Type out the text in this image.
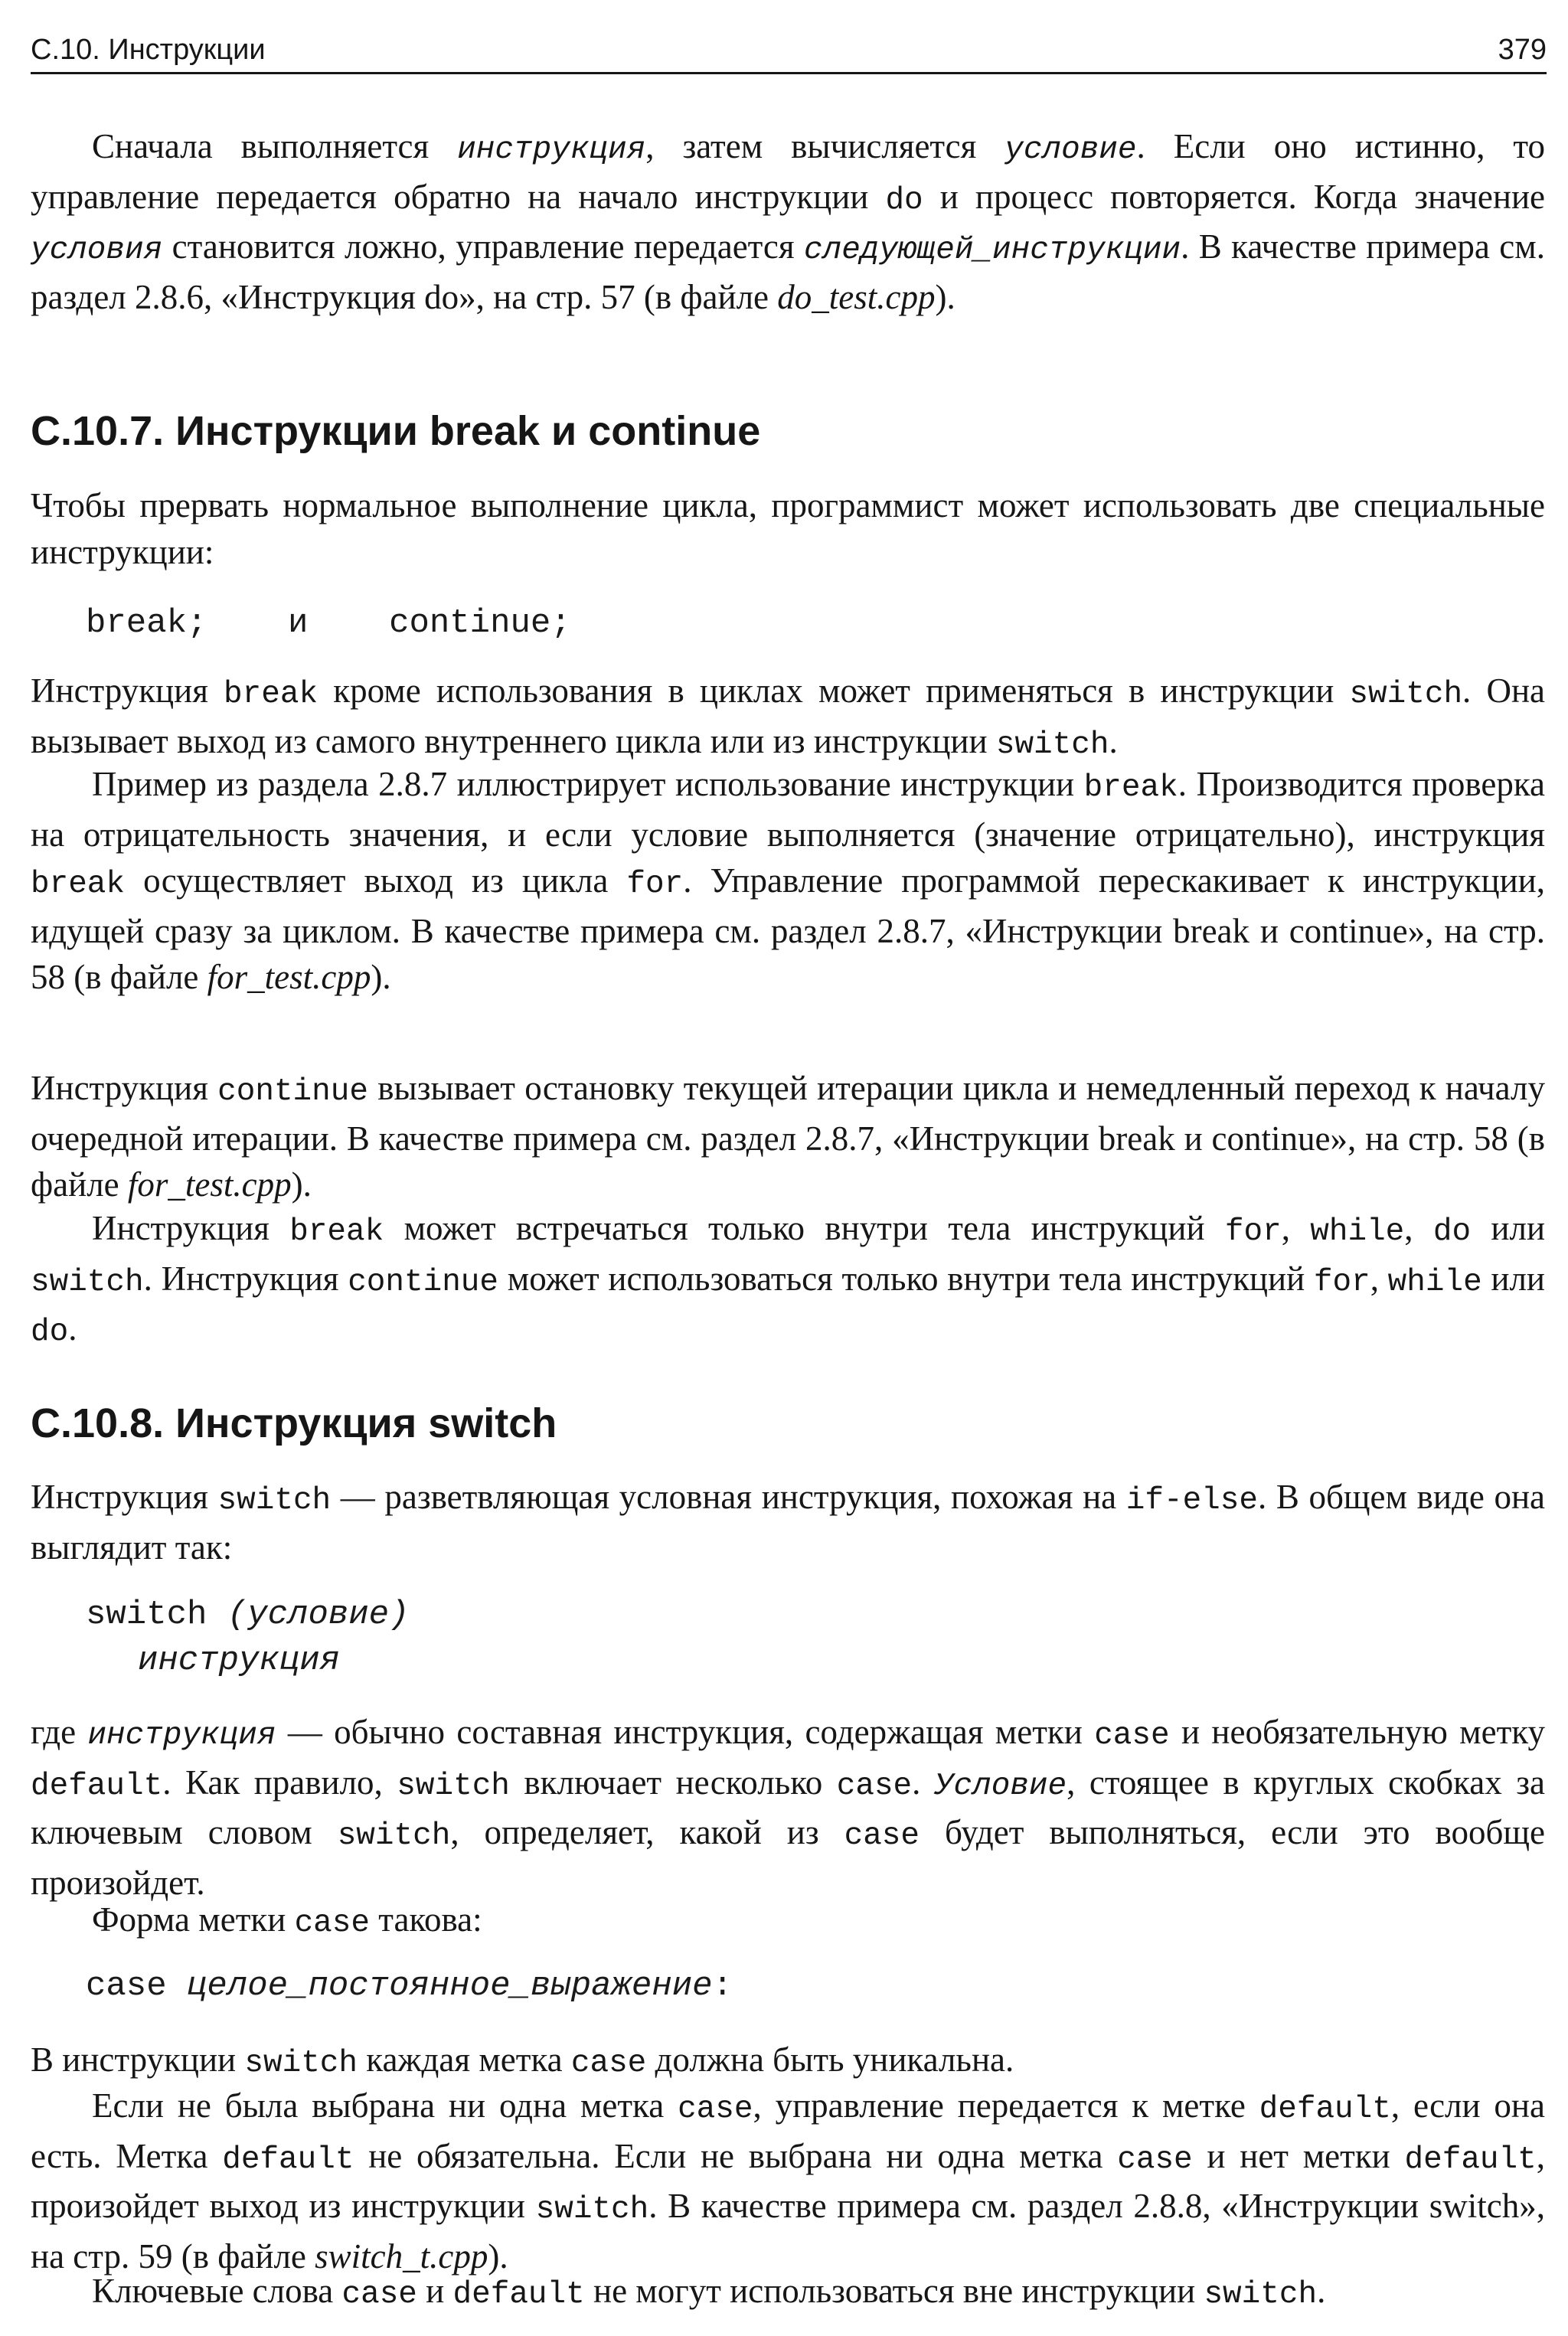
С.10. Инструкции	379

Сначала выполняется инструкция, затем вычисляется условие. Если оно истинно, то управление передается обратно на начало инструкции do и процесс повторяется. Когда значение условия становится ложно, управление передается следующей_инструкции. В качестве примера см. раздел 2.8.6, «Инструкция do», на стр. 57 (в файле do_test.cpp).

С.10.7. Инструкции break и continue

Чтобы прервать нормальное выполнение цикла, программист может использовать две специальные инструкции:

break;    и    continue;

Инструкция break кроме использования в циклах может применяться в инструкции switch. Она вызывает выход из самого внутреннего цикла или из инструкции switch.

Пример из раздела 2.8.7 иллюстрирует использование инструкции break. Производится проверка на отрицательность значения, и если условие выполняется (значение отрицательно), инструкция break осуществляет выход из цикла for. Управление программой перескакивает к инструкции, идущей сразу за циклом. В качестве примера см. раздел 2.8.7, «Инструкции break и continue», на стр. 58 (в файле for_test.cpp).

Инструкция continue вызывает остановку текущей итерации цикла и немедленный переход к началу очередной итерации. В качестве примера см. раздел 2.8.7, «Инструкции break и continue», на стр. 58 (в файле for_test.cpp).

Инструкция break может встречаться только внутри тела инструкций for, while, do или switch. Инструкция continue может использоваться только внутри тела инструкций for, while или do.

С.10.8. Инструкция switch

Инструкция switch — разветвляющая условная инструкция, похожая на if-else. В общем виде она выглядит так:

switch (условие)
инструкция

где инструкция — обычно составная инструкция, содержащая метки case и необязательную метку default. Как правило, switch включает несколько case. Условие, стоящее в круглых скобках за ключевым словом switch, определяет, какой из case будет выполняться, если это вообще произойдет.

Форма метки case такова:

case целое_постоянное_выражение:

В инструкции switch каждая метка case должна быть уникальна.

Если не была выбрана ни одна метка case, управление передается к метке default, если она есть. Метка default не обязательна. Если не выбрана ни одна метка case и нет метки default, произойдет выход из инструкции switch. В качестве примера см. раздел 2.8.8, «Инструкции switch», на стр. 59 (в файле switch_t.cpp).

Ключевые слова case и default не могут использоваться вне инструкции switch.
